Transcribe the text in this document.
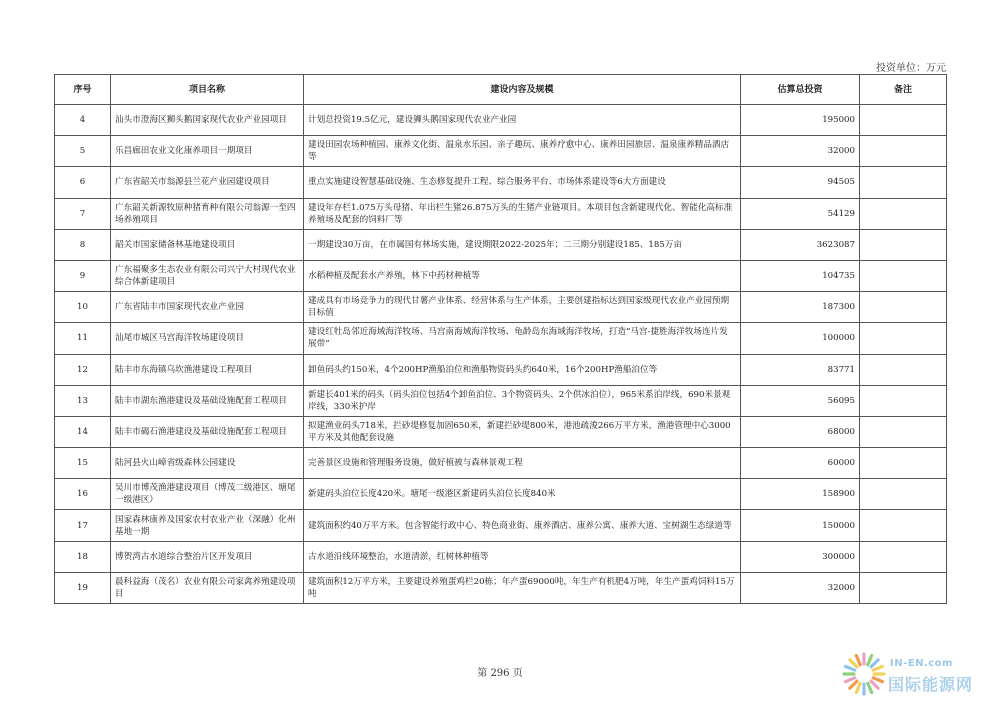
投资单位：万元
序号	项目名称	建设内容及规模	估算总投资	备注
4	汕头市澄海区狮头鹅国家现代农业产业园项目	计划总投资19.5亿元，建设狮头鹅国家现代农业产业园	195000	
5	乐昌廊田农业文化康养项目一期项目	建设田园农场种植园、康养文化街、温泉水乐园、亲子趣玩、康养疗愈中心、康养田园旅居、温泉康养精品酒店等	32000	
6	广东省韶关市翁源县兰花产业园建设项目	重点实施建设智慧基础设施、生态修复提升工程、综合服务平台、市场体系建设等6大方面建设	94505	
7	广东韶关新源牧原种猪育种有限公司翁源一至四场养殖项目	建设年存栏1.075万头母猪、年出栏生猪26.875万头的生猪产业链项目。本项目包含新建现代化、智能化高标准养殖场及配套的饲料厂等	54129	
8	韶关市国家储备林基地建设项目	一期建设30万亩，在市属国有林场实施，建设期限2022-2025年；二三期分别建设185、185万亩	3623087	
9	广东福聚多生态农业有限公司兴宁大村现代农业综合体新建项目	水稻种植及配套水产养殖，林下中药材种植等	104735	
10	广东省陆丰市国家现代农业产业园	建成具有市场竞争力的现代甘薯产业体系、经营体系与生产体系，主要创建指标达到国家级现代农业产业园预期目标值	187300	
11	汕尾市城区马宫海洋牧场建设项目	建设红牡岛邻近海域海洋牧场、马宫南海域海洋牧场、龟龄岛东海域海洋牧场，打造“马宫-捷胜海洋牧场连片发展带”	100000	
12	陆丰市东海镇乌坎渔港建设工程项目	卸鱼码头约150米，4个200HP渔船泊位和渔船物资码头约640米，16个200HP渔船泊位等	83771	
13	陆丰市湖东渔港建设及基础设施配套工程项目	新建长401米的码头（码头泊位包括4个卸鱼泊位、3个物资码头、2个供冰泊位），965米系泊岸线，690米景观岸线，330米护岸	56095	
14	陆丰市碣石渔港建设及基础设施配套工程项目	拟建渔业码头718米，拦砂堤修复加固650米，新建拦砂堤800米，港池疏浚266万平方米，渔港管理中心3000平方米及其他配套设施	68000	
15	陆河县火山嶂省级森林公园建设	完善景区设施和管理服务设施，做好植被与森林景观工程	60000	
16	吴川市博茂渔港建设项目（博茂二级港区、塘尾一级港区）	新建码头泊位长度420米。塘尾一级港区新建码头泊位长度840米	158900	
17	国家森林康养及国家农村农业产业（深融）化州基地一期	建筑面积约40万平方米。包含智能行政中心、特色商业街、康养酒店、康养公寓、康养大道、宝树湖生态绿道等	150000	
18	博贺湾古水道综合整治片区开发项目	古水道沿线环境整治，水道清淤，红树林种植等	300000	
19	晨科益海（茂名）农业有限公司家禽养殖建设项目	建筑面积12万平方米，主要建设养殖蛋鸡栏20栋；年产蛋69000吨，年生产有机肥4万吨，年生产蛋鸡饲料15万吨	32000	
第 296 页
IN-EN.com
国际能源网
